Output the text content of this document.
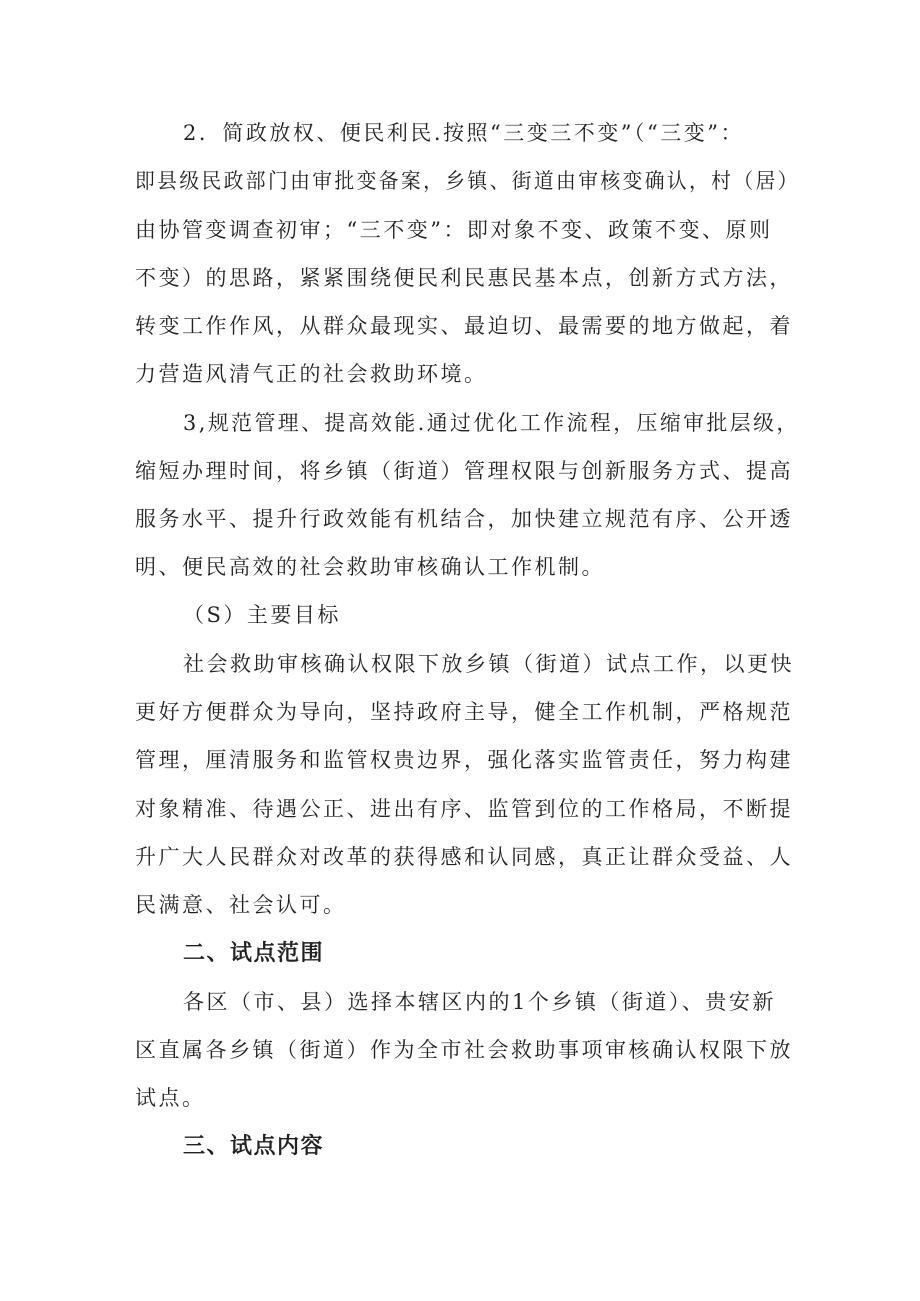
2．简政放权、便民利民.按照“三变三不变”（“三变”：
即县级民政部门由审批变备案，乡镇、街道由审核变确认，村（居）
由协管变调查初审；“三不变”：即对象不变、政策不变、原则
不变）的思路，紧紧围绕便民利民惠民基本点，创新方式方法，
转变工作作风，从群众最现实、最迫切、最需要的地方做起，着
力营造风清气正的社会救助环境。
3,规范管理、提高效能.通过优化工作流程，压缩审批层级，
缩短办理时间，将乡镇（街道）管理权限与创新服务方式、提高
服务水平、提升行政效能有机结合，加快建立规范有序、公开透
明、便民高效的社会救助审核确认工作机制。
（S）主要目标
社会救助审核确认权限下放乡镇（街道）试点工作，以更快
更好方便群众为导向，坚持政府主导，健全工作机制，严格规范
管理，厘清服务和监管权贵边界，强化落实监管责任，努力构建
对象精准、待遇公正、进出有序、监管到位的工作格局，不断提
升广大人民群众对改革的获得感和认同感，真正让群众受益、人
民满意、社会认可。
二、试点范围
各区（市、县）选择本辖区内的1个乡镇（街道）、贵安新
区直属各乡镇（街道）作为全市社会救助事项审核确认权限下放
试点。
三、试点内容
